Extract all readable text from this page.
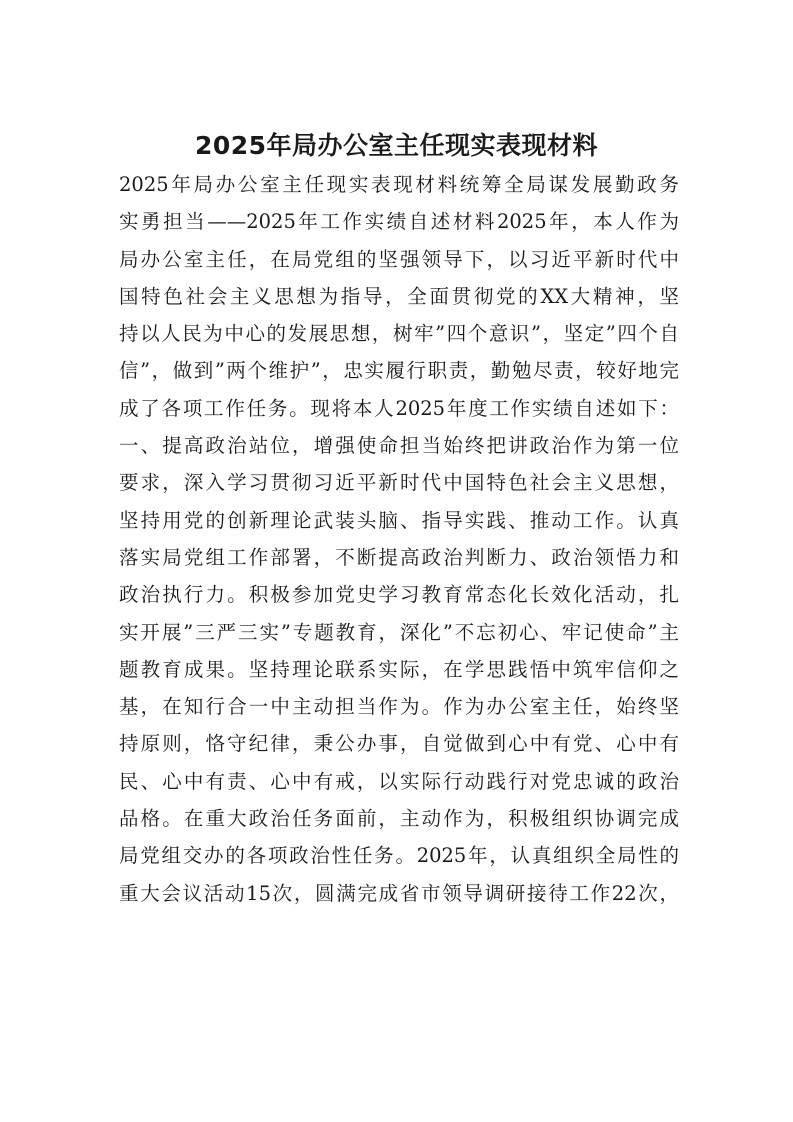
2025年局办公室主任现实表现材料
2025年局办公室主任现实表现材料统筹全局谋发展勤政务
实勇担当——2025年工作实绩自述材料2025年，本人作为
局办公室主任，在局党组的坚强领导下，以习近平新时代中
国特色社会主义思想为指导，全面贯彻党的XX大精神，坚
持以人民为中心的发展思想，树牢”四个意识”，坚定”四个自
信”，做到”两个维护”，忠实履行职责，勤勉尽责，较好地完
成了各项工作任务。现将本人2025年度工作实绩自述如下：
一、提高政治站位，增强使命担当始终把讲政治作为第一位
要求，深入学习贯彻习近平新时代中国特色社会主义思想，
坚持用党的创新理论武装头脑、指导实践、推动工作。认真
落实局党组工作部署，不断提高政治判断力、政治领悟力和
政治执行力。积极参加党史学习教育常态化长效化活动，扎
实开展”三严三实”专题教育，深化”不忘初心、牢记使命”主
题教育成果。坚持理论联系实际，在学思践悟中筑牢信仰之
基，在知行合一中主动担当作为。作为办公室主任，始终坚
持原则，恪守纪律，秉公办事，自觉做到心中有党、心中有
民、心中有责、心中有戒，以实际行动践行对党忠诚的政治
品格。在重大政治任务面前，主动作为，积极组织协调完成
局党组交办的各项政治性任务。2025年，认真组织全局性的
重大会议活动15次，圆满完成省市领导调研接待工作22次，
